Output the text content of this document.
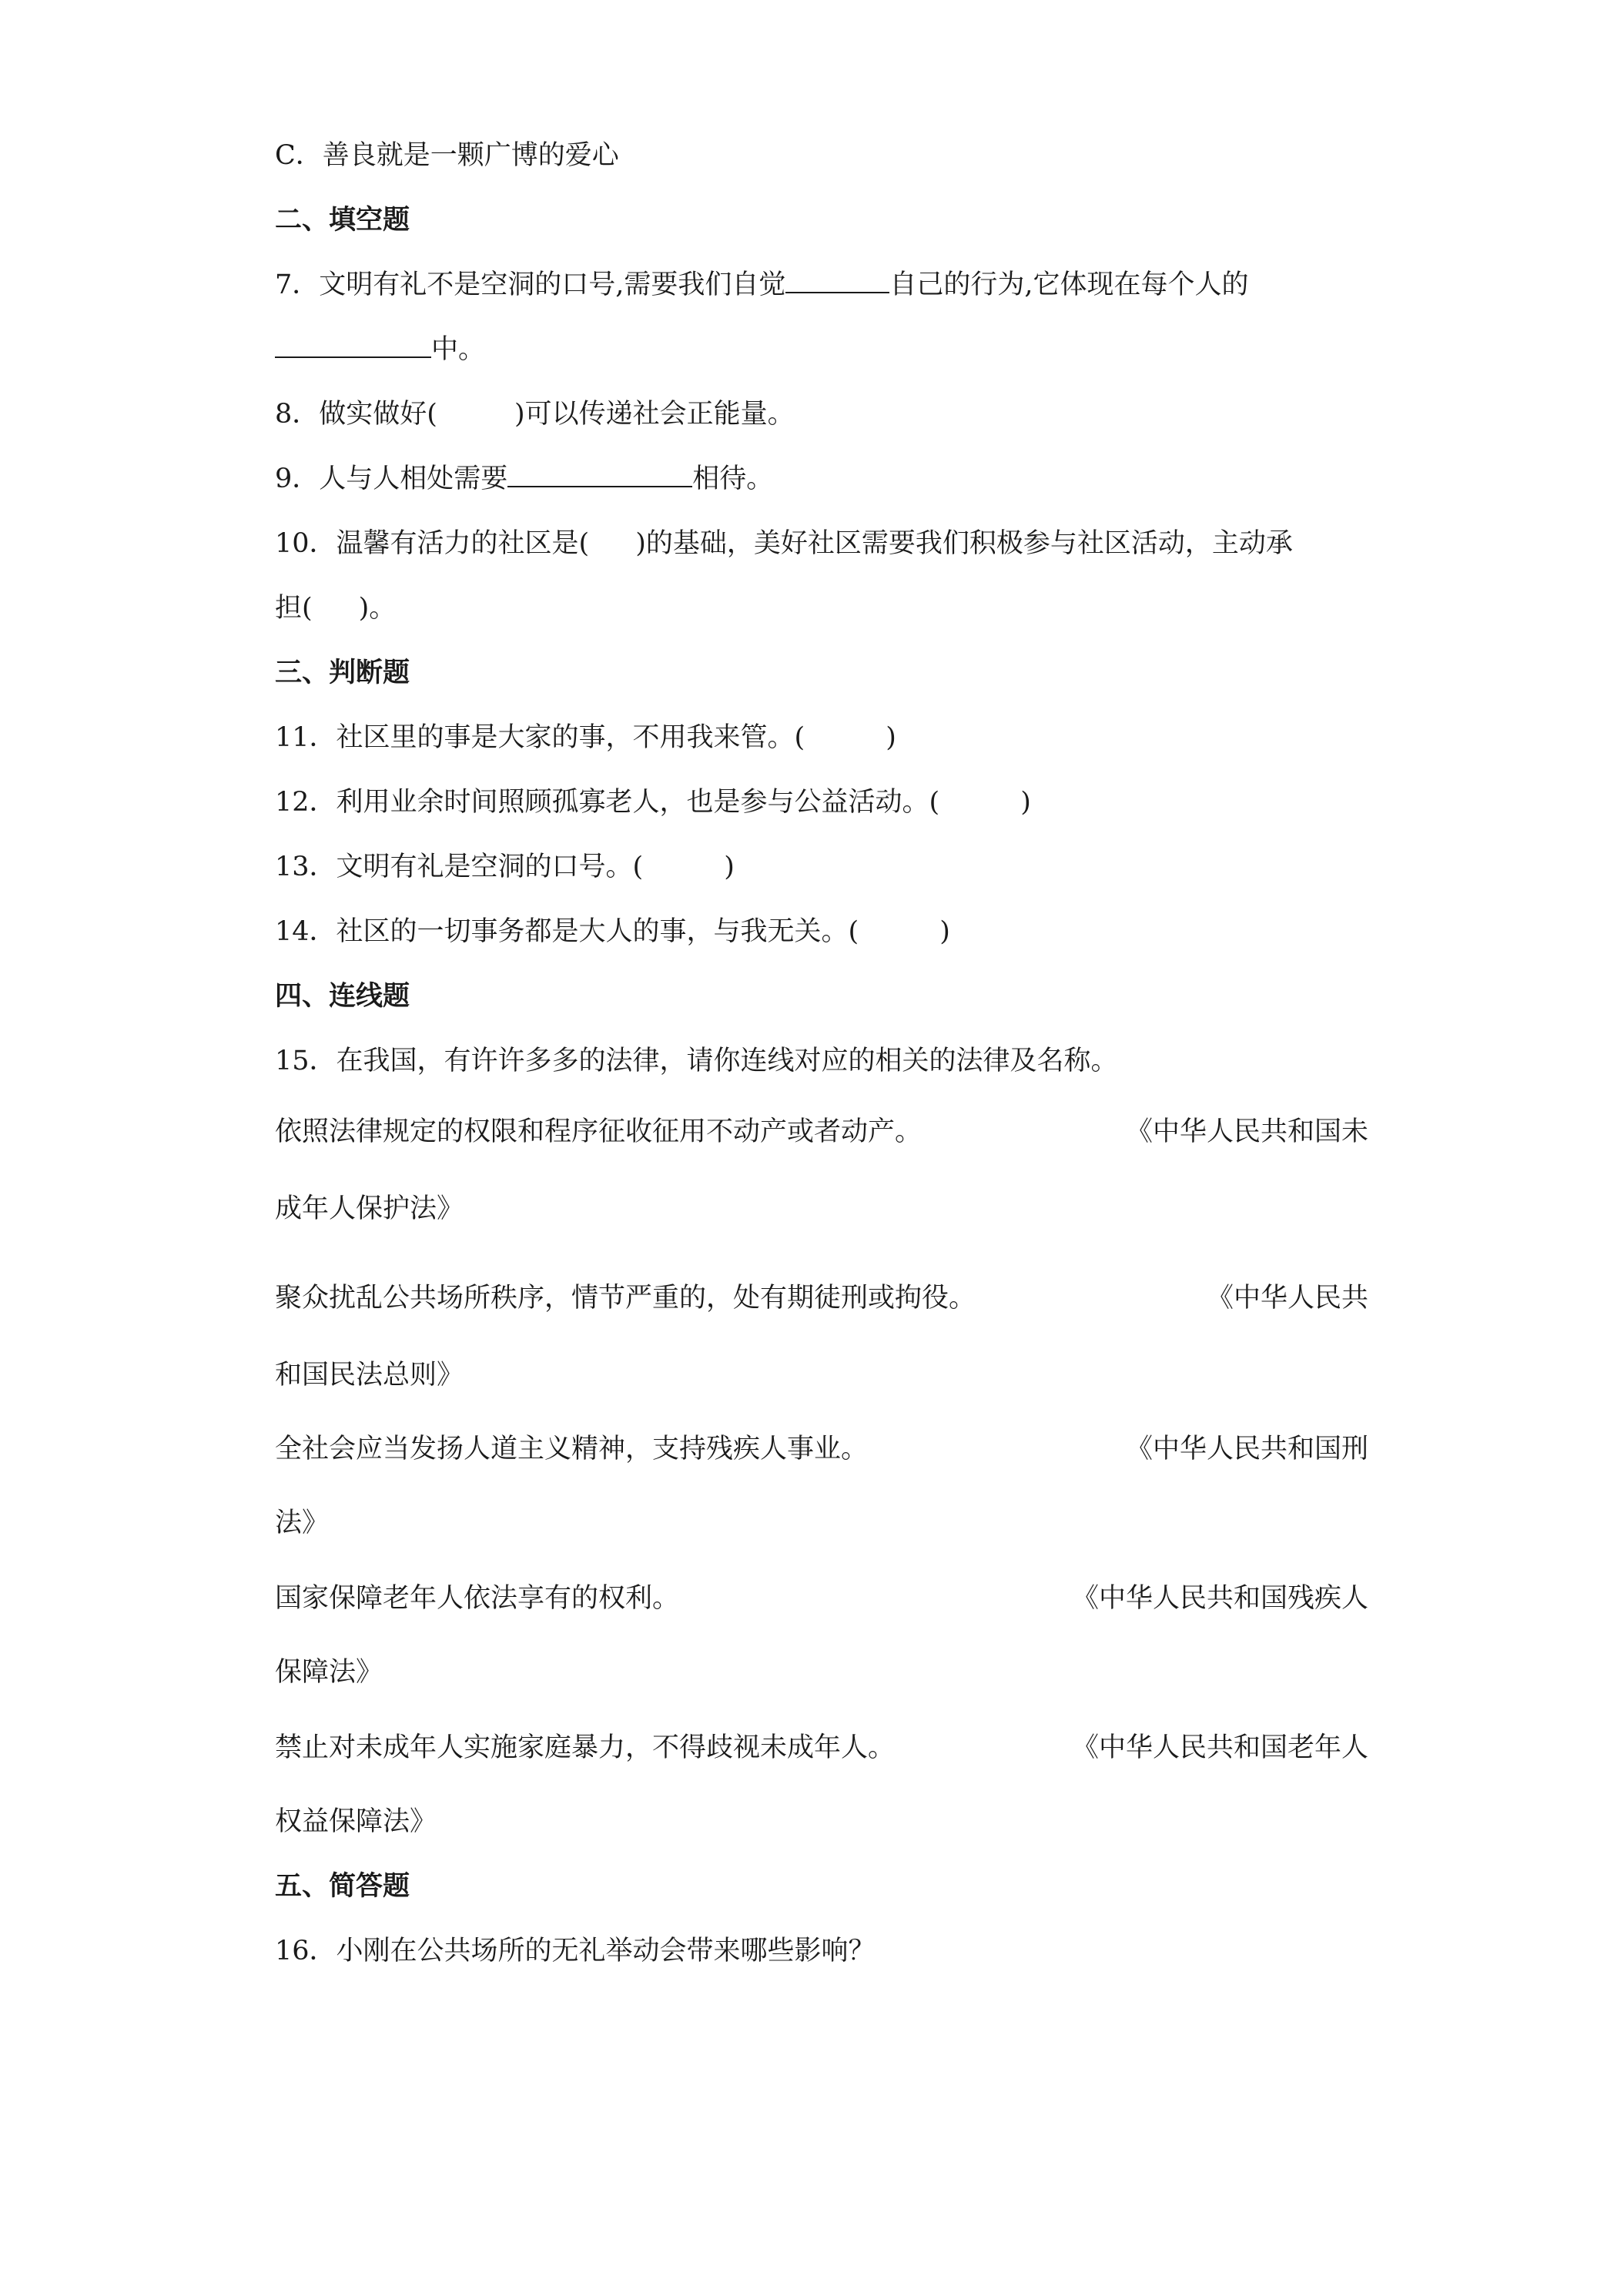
C．善良就是一颗广博的爱心
二、填空题
7．文明有礼不是空洞的口号,需要我们自觉	自己的行为,它体现在每个人的
中。
8．做实做好(	)可以传递社会正能量。
9．人与人相处需要	相待。
10．温馨有活力的社区是( )的基础，美好社区需要我们积极参与社区活动，主动承
担( )。
三、判断题
11．社区里的事是大家的事，不用我来管。(	)
12．利用业余时间照顾孤寡老人，也是参与公益活动。(	)
13．文明有礼是空洞的口号。(	)
14．社区的一切事务都是大人的事，与我无关。(	)
四、连线题
15．在我国，有许许多多的法律，请你连线对应的相关的法律及名称。
依照法律规定的权限和程序征收征用不动产或者动产。	《中华人民共和国未
成年人保护法》
聚众扰乱公共场所秩序，情节严重的，处有期徒刑或拘役。	《中华人民共
和国民法总则》
全社会应当发扬人道主义精神，支持残疾人事业。	《中华人民共和国刑
法》
国家保障老年人依法享有的权利。	《中华人民共和国残疾人
保障法》
禁止对未成年人实施家庭暴力，不得歧视未成年人。	《中华人民共和国老年人
权益保障法》
五、简答题
16．小刚在公共场所的无礼举动会带来哪些影响？
